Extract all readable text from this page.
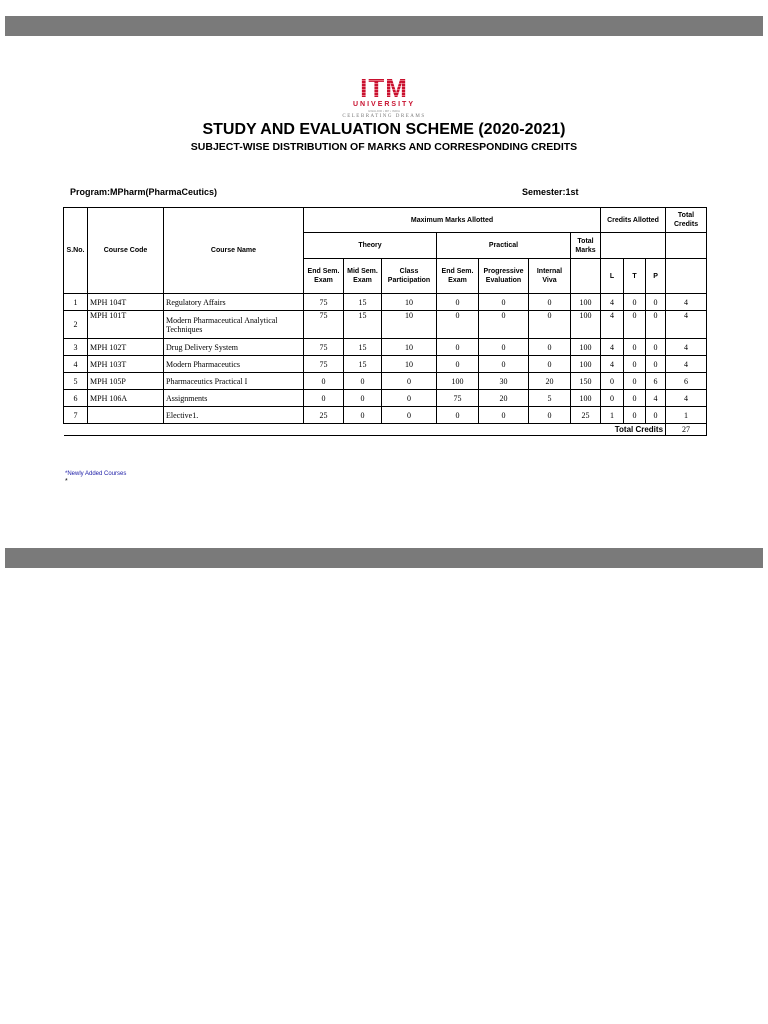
ITM
UNIVERSITY
GWALIOR • MP • INDIA
CELEBRATING DREAMS
STUDY AND EVALUATION SCHEME (2020-2021)
SUBJECT-WISE DISTRIBUTION OF MARKS AND CORRESPONDING CREDITS
Program:MPharm(PharmaCeutics)	Semester:1st
S.No.	Course Code	Course Name	Maximum Marks Allotted							Credits Allotted			Total Credits
			Theory			Practical			Total Marks				
			End Sem. Exam	Mid Sem. Exam	Class Participation	End Sem. Exam	Progressive Evaluation	Internal Viva		L	T	P	
1	MPH 104T	Regulatory Affairs	75	15	10	0	0	0	100	4	0	0	4
2	MPH 101T	Modern Pharmaceutical Analytical Techniques	75	15	10	0	0	0	100	4	0	0	4
3	MPH 102T	Drug Delivery System	75	15	10	0	0	0	100	4	0	0	4
4	MPH 103T	Modern Pharmaceutics	75	15	10	0	0	0	100	4	0	0	4
5	MPH 105P	Pharmaceutics Practical I	0	0	0	100	30	20	150	0	0	6	6
6	MPH 106A	Assignments	0	0	0	75	20	5	100	0	0	4	4
7		Elective1.	25	0	0	0	0	0	25	1	0	0	1
Total Credits													27
*Newly Added Courses
*
